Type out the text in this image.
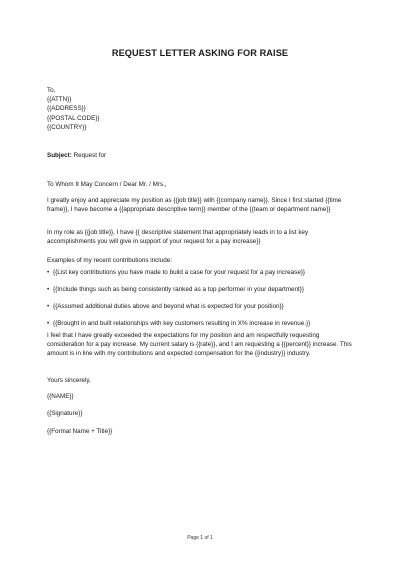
REQUEST LETTER ASKING FOR RAISE

To,

{{ATTN}}

{{ADDRESS}}

{{POSTAL CODE}}

{{COUNTRY}}

Subject: Request for
To Whom It May Concern / Dear Mr. / Mrs.,
I greatly enjoy and appreciate my position as {{job title}} with {{company name}}. Since I first started {{time frame}}, I have become a {{appropriate descriptive term}} member of the {{team or department name}}
In my role as {{job title}}, I have {{ descriptive statement that appropriately leads in to a list key accomplishments you will give in support of your request for a pay increase}}
Examples of my recent contributions include:
• {{List key contributions you have made to build a case for your request for a pay increase}}
• {{Include things such as being consistently ranked as a top performer in your department}}
• {{Assumed additional duties above and beyond what is expected for your position}}
• {{Brought in and built relationships with key customers resulting in X% increase in revenue.}}
I feel that I have greatly exceeded the expectations for my position and am respectfully requesting consideration for a pay increase. My current salary is {{rate}}, and I am requesting a {{percent}} increase. This amount is in line with my contributions and expected compensation for the {{industry}} industry.
Yours sincerely,
{{NAME}}
{{Signature}}
{{Formal Name + Title}}
Page 1 of 1
